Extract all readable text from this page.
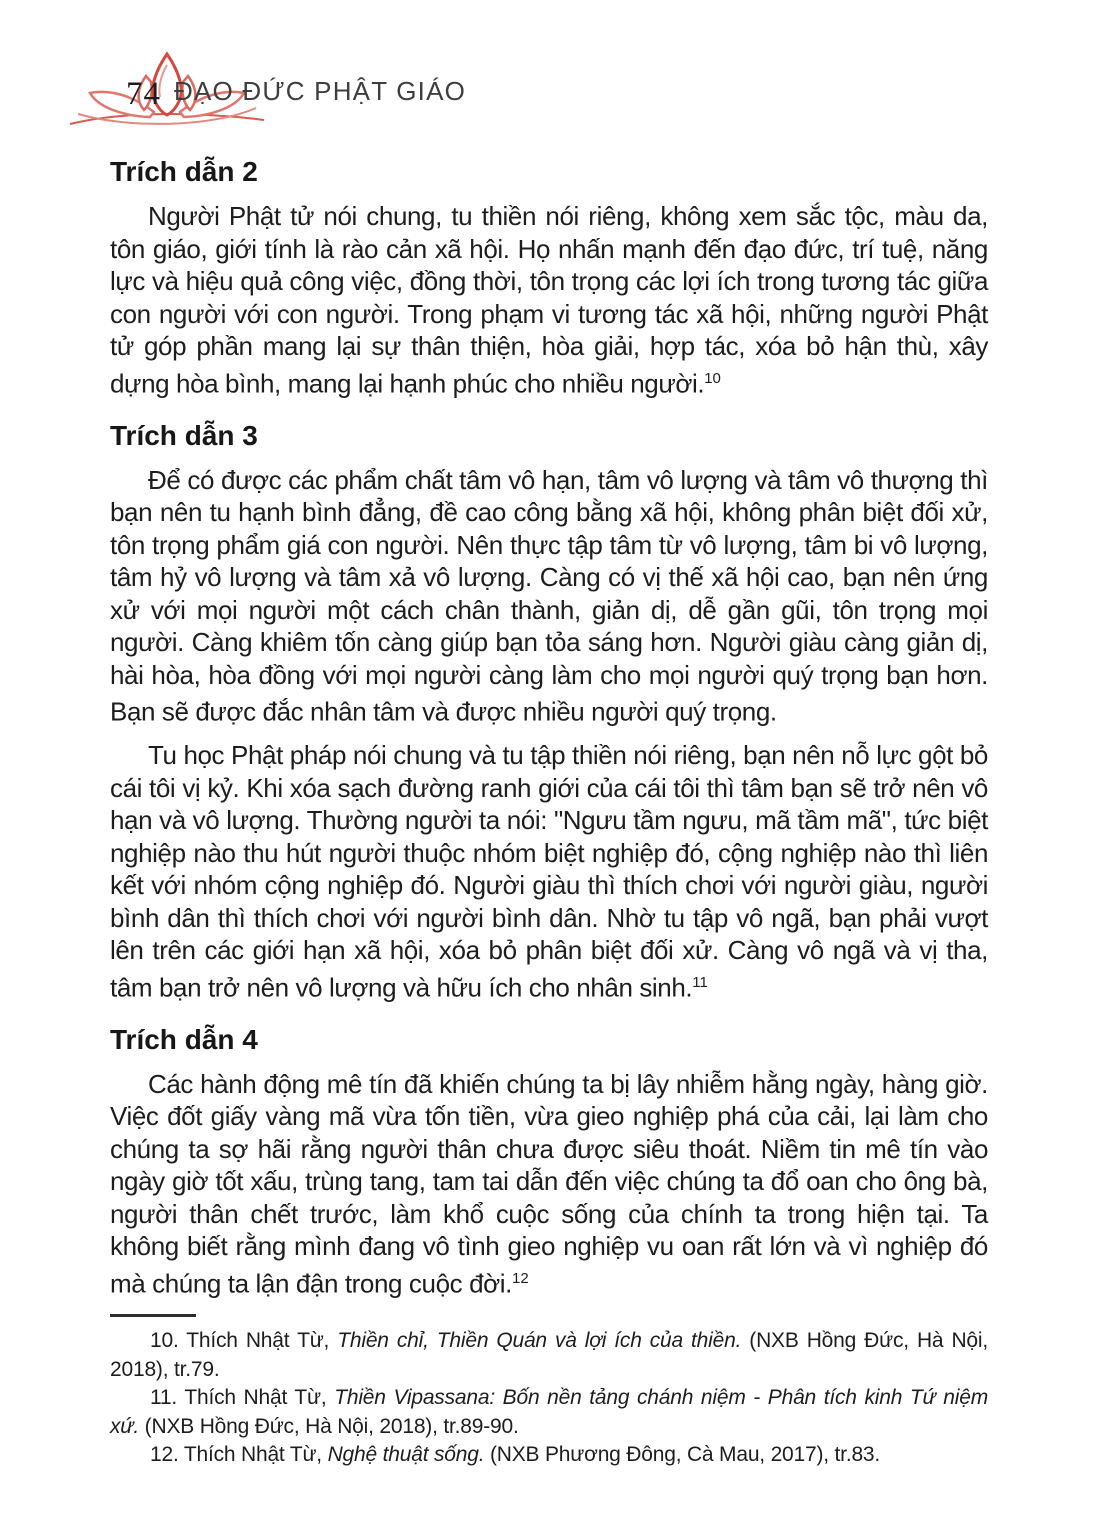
74 ĐẠO ĐỨC PHẬT GIÁO
Trích dẫn 2

Người Phật tử nói chung, tu thiền nói riêng, không xem sắc tộc, màu da, tôn giáo, giới tính là rào cản xã hội. Họ nhấn mạnh đến đạo đức, trí tuệ, năng lực và hiệu quả công việc, đồng thời, tôn trọng các lợi ích trong tương tác giữa con người với con người. Trong phạm vi tương tác xã hội, những người Phật tử góp phần mang lại sự thân thiện, hòa giải, hợp tác, xóa bỏ hận thù, xây dựng hòa bình, mang lại hạnh phúc cho nhiều người.$^{10}$

Trích dẫn 3

Để có được các phẩm chất tâm vô hạn, tâm vô lượng và tâm vô thượng thì bạn nên tu hạnh bình đẳng, đề cao công bằng xã hội, không phân biệt đối xử, tôn trọng phẩm giá con người. Nên thực tập tâm từ vô lượng, tâm bi vô lượng, tâm hỷ vô lượng và tâm xả vô lượng. Càng có vị thế xã hội cao, bạn nên ứng xử với mọi người một cách chân thành, giản dị, dễ gần gũi, tôn trọng mọi người. Càng khiêm tốn càng giúp bạn tỏa sáng hơn. Người giàu càng giản dị, hài hòa, hòa đồng với mọi người càng làm cho mọi người quý trọng bạn hơn. Bạn sẽ được đắc nhân tâm và được nhiều người quý trọng.

Tu học Phật pháp nói chung và tu tập thiền nói riêng, bạn nên nỗ lực gột bỏ cái tôi vị kỷ. Khi xóa sạch đường ranh giới của cái tôi thì tâm bạn sẽ trở nên vô hạn và vô lượng. Thường người ta nói: "Ngưu tầm ngưu, mã tầm mã", tức biệt nghiệp nào thu hút người thuộc nhóm biệt nghiệp đó, cộng nghiệp nào thì liên kết với nhóm cộng nghiệp đó. Người giàu thì thích chơi với người giàu, người bình dân thì thích chơi với người bình dân. Nhờ tu tập vô ngã, bạn phải vượt lên trên các giới hạn xã hội, xóa bỏ phân biệt đối xử. Càng vô ngã và vị tha, tâm bạn trở nên vô lượng và hữu ích cho nhân sinh.$^{11}$

Trích dẫn 4

Các hành động mê tín đã khiến chúng ta bị lây nhiễm hằng ngày, hàng giờ. Việc đốt giấy vàng mã vừa tốn tiền, vừa gieo nghiệp phá của cải, lại làm cho chúng ta sợ hãi rằng người thân chưa được siêu thoát. Niềm tin mê tín vào ngày giờ tốt xấu, trùng tang, tam tai dẫn đến việc chúng ta đổ oan cho ông bà, người thân chết trước, làm khổ cuộc sống của chính ta trong hiện tại. Ta không biết rằng mình đang vô tình gieo nghiệp vu oan rất lớn và vì nghiệp đó mà chúng ta lận đận trong cuộc đời.$^{12}$

10. Thích Nhật Từ, Thiền chỉ, Thiền Quán và lợi ích của thiền. (NXB Hồng Đức, Hà Nội, 2018), tr.79.

11. Thích Nhật Từ, Thiền Vipassana: Bốn nền tảng chánh niệm - Phân tích kinh Tứ niệm xứ. (NXB Hồng Đức, Hà Nội, 2018), tr.89-90.

12. Thích Nhật Từ, Nghệ thuật sống. (NXB Phương Đông, Cà Mau, 2017), tr.83.
